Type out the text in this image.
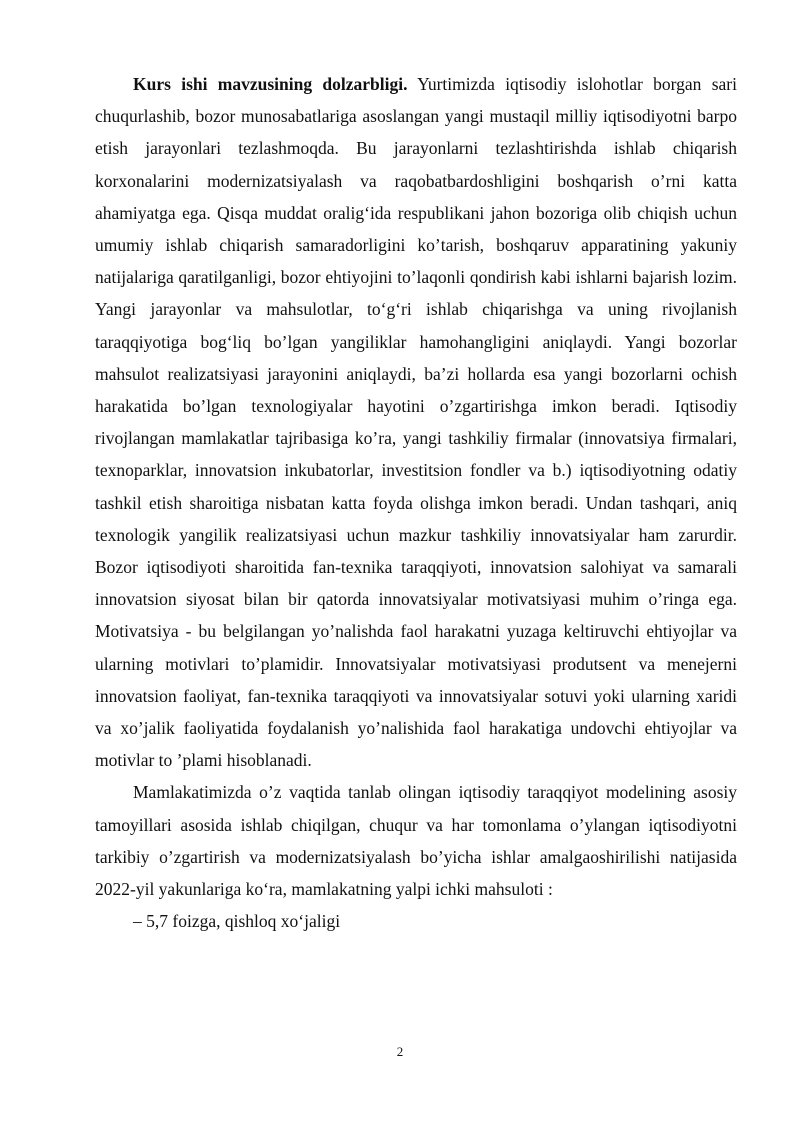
Kurs ishi mavzusining dolzarbligi. Yurtimizda iqtisodiy islohotlar borgan sari chuqurlashib, bozor munosabatlariga asoslangan yangi mustaqil milliy iqtisodiyotni barpo etish jarayonlari tezlashmoqda. Bu jarayonlarni tezlashtirishda ishlab chiqarish korxonalarini modernizatsiyalash va raqobatbardoshligini boshqarish oʼrni katta ahamiyatga ega. Qisqa muddat oraligʻida respublikani jahon bozoriga olib chiqish uchun umumiy ishlab chiqarish samaradorligini koʼtarish, boshqaruv apparatining yakuniy natijalariga qaratilganligi, bozor ehtiyojini toʼlaqonli qondirish kabi ishlarni bajarish lozim. Yangi jarayonlar va mahsulotlar, toʻgʻri ishlab chiqarishga va uning rivojlanish taraqqiyotiga bogʻliq boʼlgan yangiliklar hamohangligini aniqlaydi. Yangi bozorlar mahsulot realizatsiyasi jarayonini aniqlaydi, baʼzi hollarda esa yangi bozorlarni ochish harakatida boʼlgan texnologiyalar hayotini oʼzgartirishga imkon beradi. Iqtisodiy rivojlangan mamlakatlar tajribasiga koʼra, yangi tashkiliy firmalar (innovatsiya firmalari, texnoparklar, innovatsion inkubatorlar, investitsion fondler va b.) iqtisodiyotning odatiy tashkil etish sharoitiga nisbatan katta foyda olishga imkon beradi. Undan tashqari, aniq texnologik yangilik realizatsiyasi uchun mazkur tashkiliy innovatsiyalar ham zarurdir. Bozor iqtisodiyoti sharoitida fan-texnika taraqqiyoti, innovatsion salohiyat va samarali innovatsion siyosat bilan bir qatorda innovatsiyalar motivatsiyasi muhim oʼringa ega. Motivatsiya - bu belgilangan yoʼnalishda faol harakatni yuzaga keltiruvchi ehtiyojlar va ularning motivlari toʼplamidir. Innovatsiyalar motivatsiyasi produtsent va menejerni innovatsion faoliyat, fan-texnika taraqqiyoti va innovatsiyalar sotuvi yoki ularning xaridi va xoʼjalik faoliyatida foydalanish yoʼnalishida faol harakatiga undovchi ehtiyojlar va motivlar to ʼplami hisoblanadi.

Mamlakatimizda oʼz vaqtida tanlab olingan iqtisodiy taraqqiyot modelining asosiy tamoyillari asosida ishlab chiqilgan, chuqur va har tomonlama oʼylangan iqtisodiyotni tarkibiy oʼzgartirish va modernizatsiyalash boʼyicha ishlar amalgaoshirilishi natijasida 2022-yil yakunlariga koʻra, mamlakatning yalpi ichki mahsuloti :

– 5,7 foizga, qishloq xoʻjaligi

2
